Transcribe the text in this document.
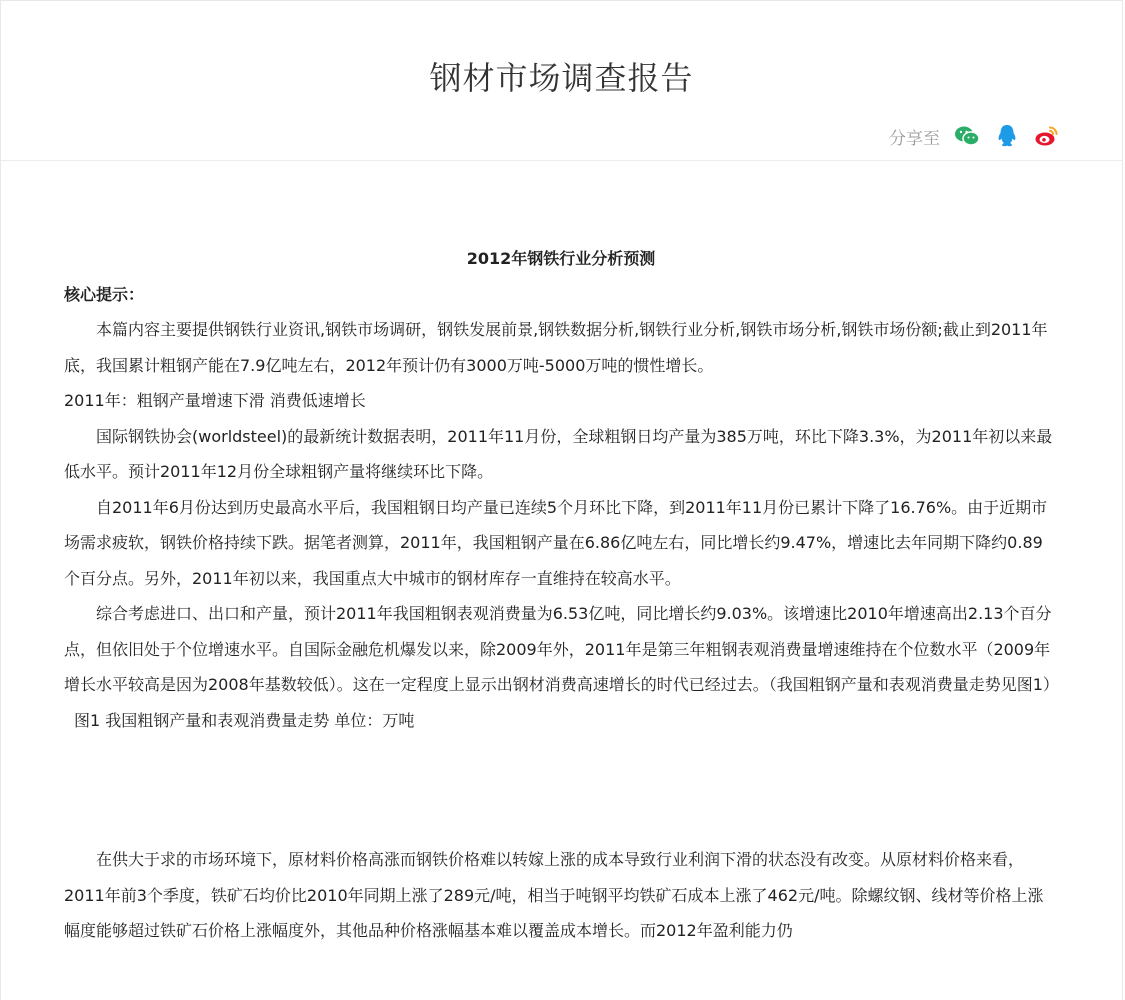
钢材市场调查报告
分享至

2012年钢铁行业分析预测

核心提示：

本篇内容主要提供钢铁行业资讯,钢铁市场调研，钢铁发展前景,钢铁数据分析,钢铁行业分析,钢铁市场分析,钢铁市场份额;截止到2011年底，我国累计粗钢产能在7.9亿吨左右，2012年预计仍有3000万吨-5000万吨的惯性增长。

2011年：粗钢产量增速下滑 消费低速增长

国际钢铁协会(worldsteel)的最新统计数据表明，2011年11月份，全球粗钢日均产量为385万吨，环比下降3.3%，为2011年初以来最低水平。预计2011年12月份全球粗钢产量将继续环比下降。

自2011年6月份达到历史最高水平后，我国粗钢日均产量已连续5个月环比下降，到2011年11月份已累计下降了16.76%。由于近期市场需求疲软，钢铁价格持续下跌。据笔者测算，2011年，我国粗钢产量在6.86亿吨左右，同比增长约9.47%，增速比去年同期下降约0.89个百分点。另外，2011年初以来，我国重点大中城市的钢材库存一直维持在较高水平。

综合考虑进口、出口和产量，预计2011年我国粗钢表观消费量为6.53亿吨，同比增长约9.03%。该增速比2010年增速高出2.13个百分点，但依旧处于个位增速水平。自国际金融危机爆发以来，除2009年外，2011年是第三年粗钢表观消费量增速维持在个位数水平（2009年增长水平较高是因为2008年基数较低）。这在一定程度上显示出钢材消费高速增长的时代已经过去。（我国粗钢产量和表观消费量走势见图1）

图1 我国粗钢产量和表观消费量走势 单位：万吨

在供大于求的市场环境下，原材料价格高涨而钢铁价格难以转嫁上涨的成本导致行业利润下滑的状态没有改变。从原材料价格来看，2011年前3个季度，铁矿石均价比2010年同期上涨了289元/吨，相当于吨钢平均铁矿石成本上涨了462元/吨。除螺纹钢、线材等价格上涨幅度能够超过铁矿石价格上涨幅度外，其他品种价格涨幅基本难以覆盖成本增长。而2012年盈利能力仍
